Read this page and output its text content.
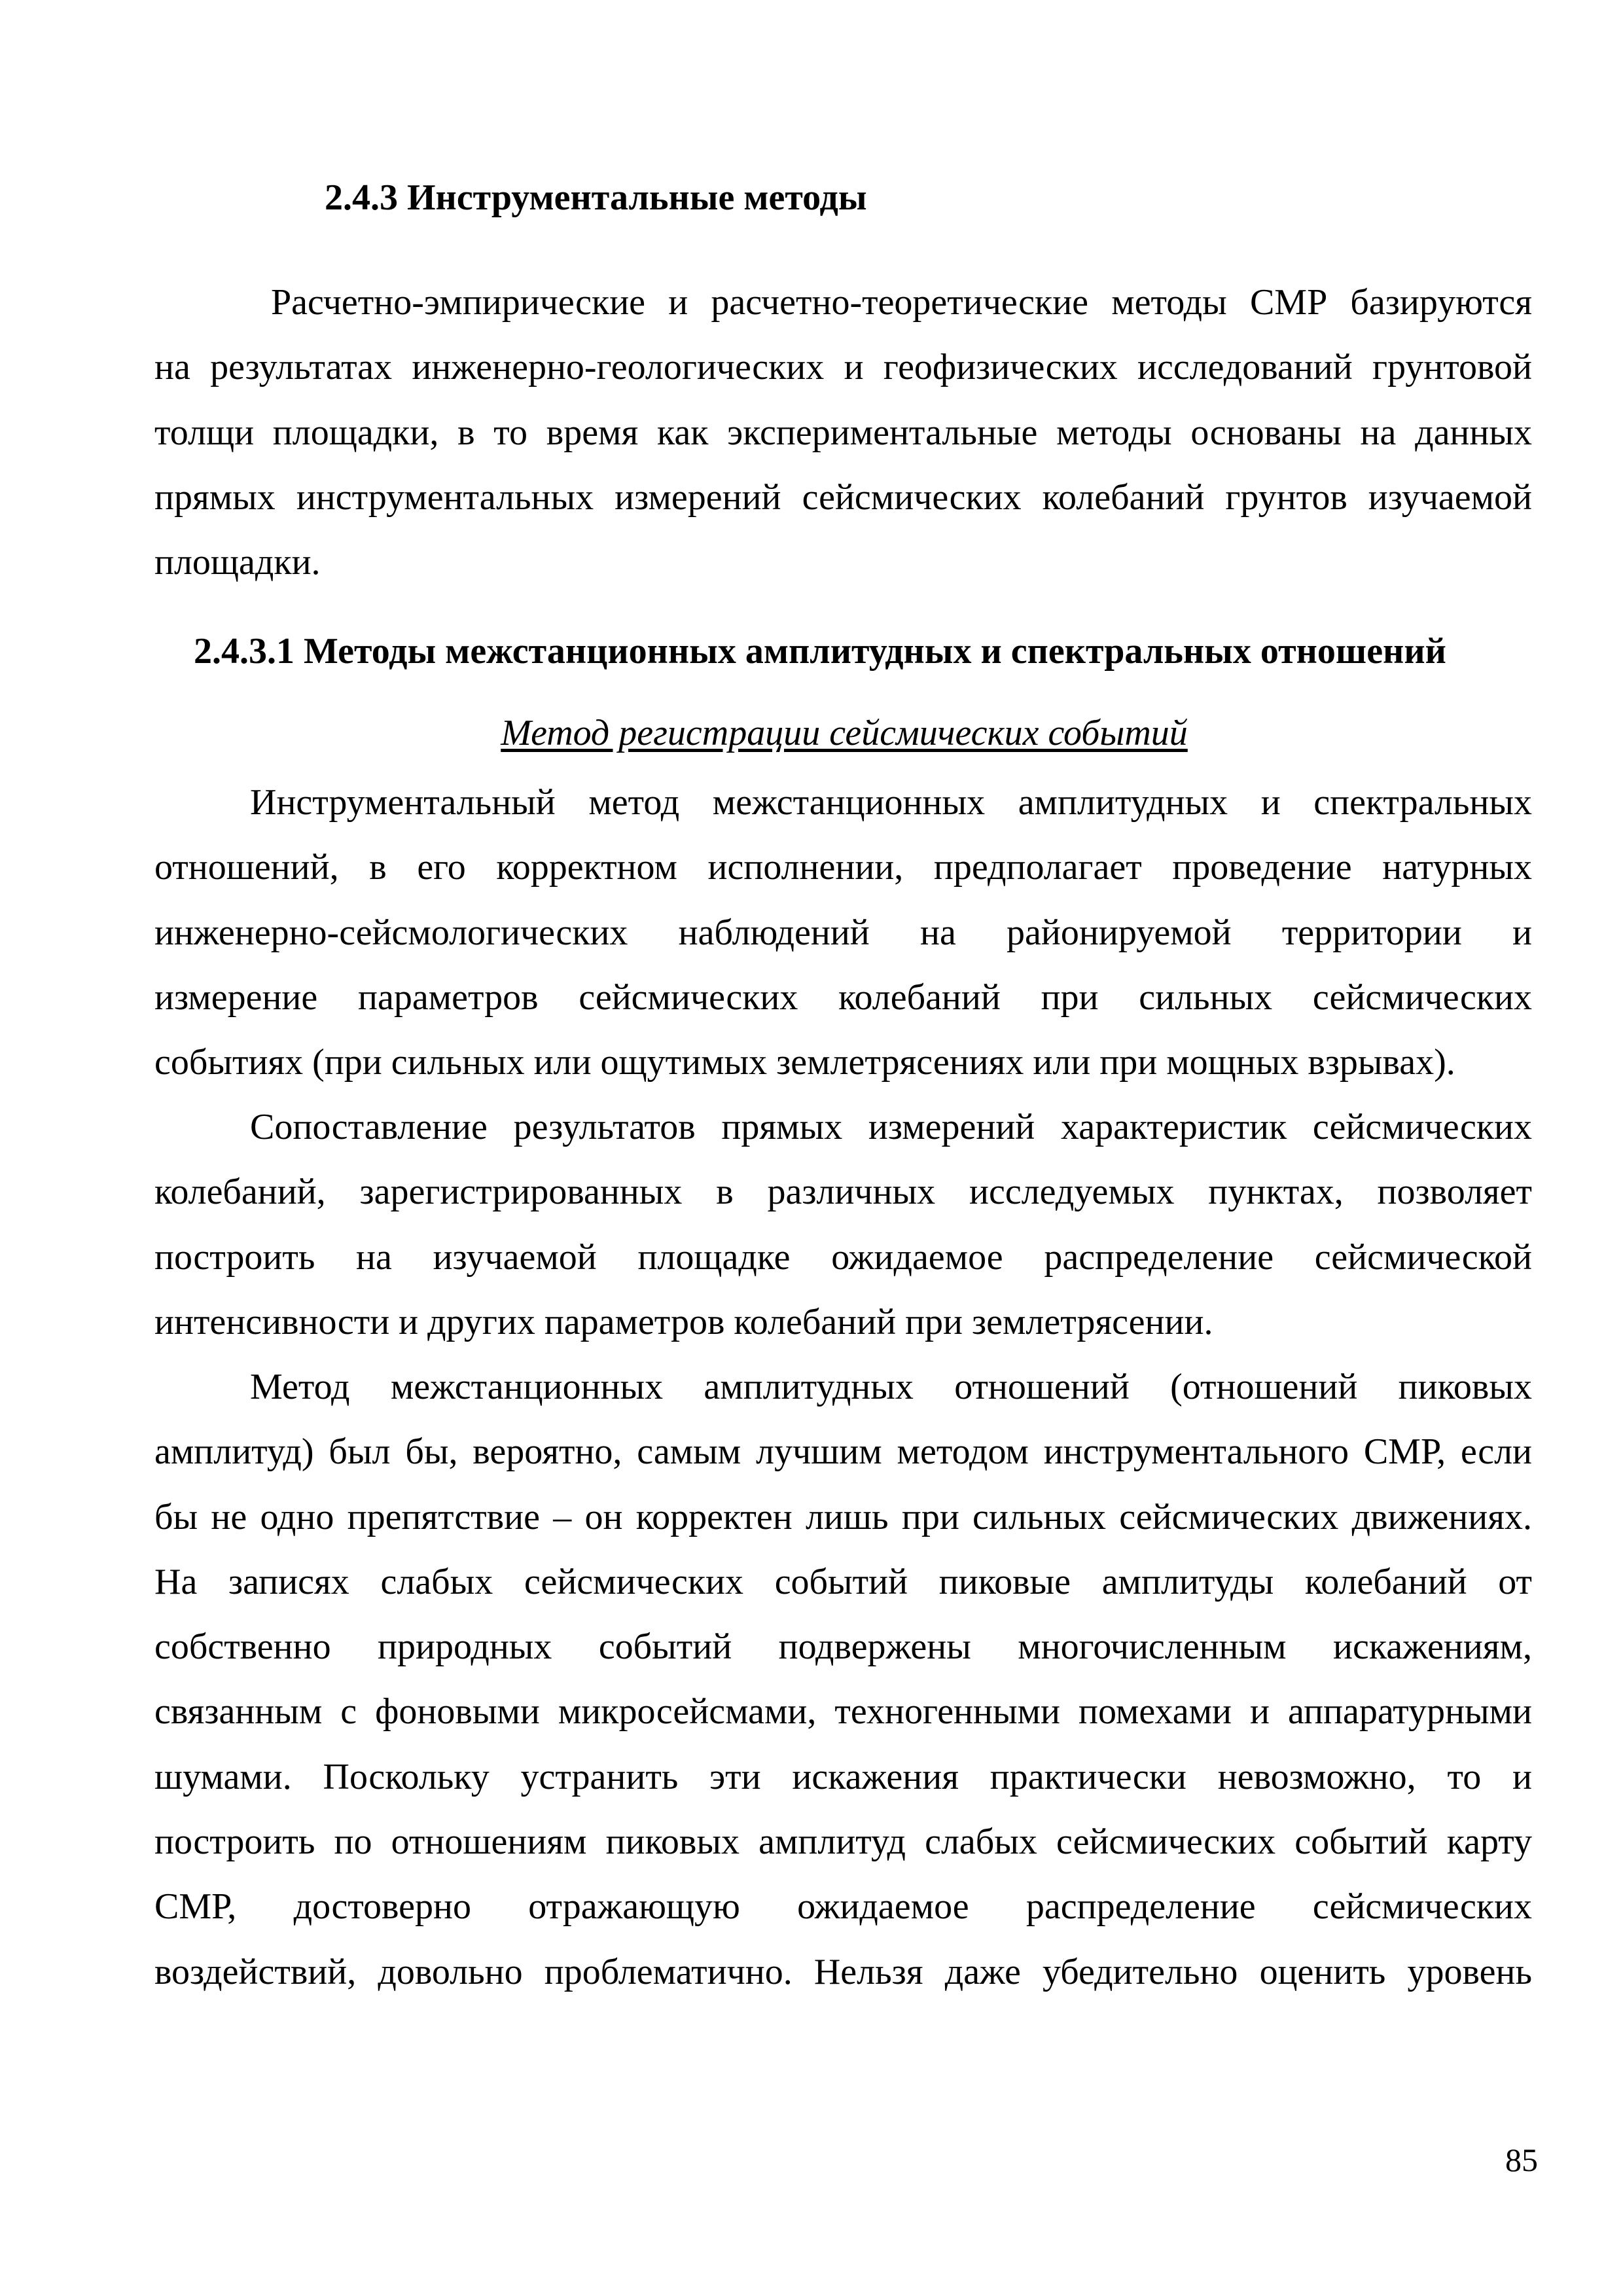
2.4.3 Инструментальные методы
Расчетно-эмпирические и расчетно-теоретические методы СМР базируются
на результатах инженерно-геологических и геофизических исследований грунтовой
толщи площадки, в то время как экспериментальные методы основаны на данных
прямых инструментальных измерений сейсмических колебаний грунтов изучаемой
площадки.
2.4.3.1 Методы межстанционных амплитудных и спектральных отношений

Метод регистрации сейсмических событий

Инструментальный метод межстанционных амплитудных и спектральных
отношений, в его корректном исполнении, предполагает проведение натурных
инженерно-сейсмологических наблюдений на районируемой территории и
измерение параметров сейсмических колебаний при сильных сейсмических
событиях (при сильных или ощутимых землетрясениях или при мощных взрывах).
Сопоставление результатов прямых измерений характеристик сейсмических
колебаний, зарегистрированных в различных исследуемых пунктах, позволяет
построить на изучаемой площадке ожидаемое распределение сейсмической
интенсивности и других параметров колебаний при землетрясении.
Метод межстанционных амплитудных отношений (отношений пиковых
амплитуд) был бы, вероятно, самым лучшим методом инструментального СМР, если
бы не одно препятствие – он корректен лишь при сильных сейсмических движениях.
На записях слабых сейсмических событий пиковые амплитуды колебаний от
собственно природных событий подвержены многочисленным искажениям,
связанным с фоновыми микросейсмами, техногенными помехами и аппаратурными
шумами. Поскольку устранить эти искажения практически невозможно, то и
построить по отношениям пиковых амплитуд слабых сейсмических событий карту
СМР, достоверно отражающую ожидаемое распределение сейсмических
воздействий, довольно проблематично. Нельзя даже убедительно оценить уровень

85
